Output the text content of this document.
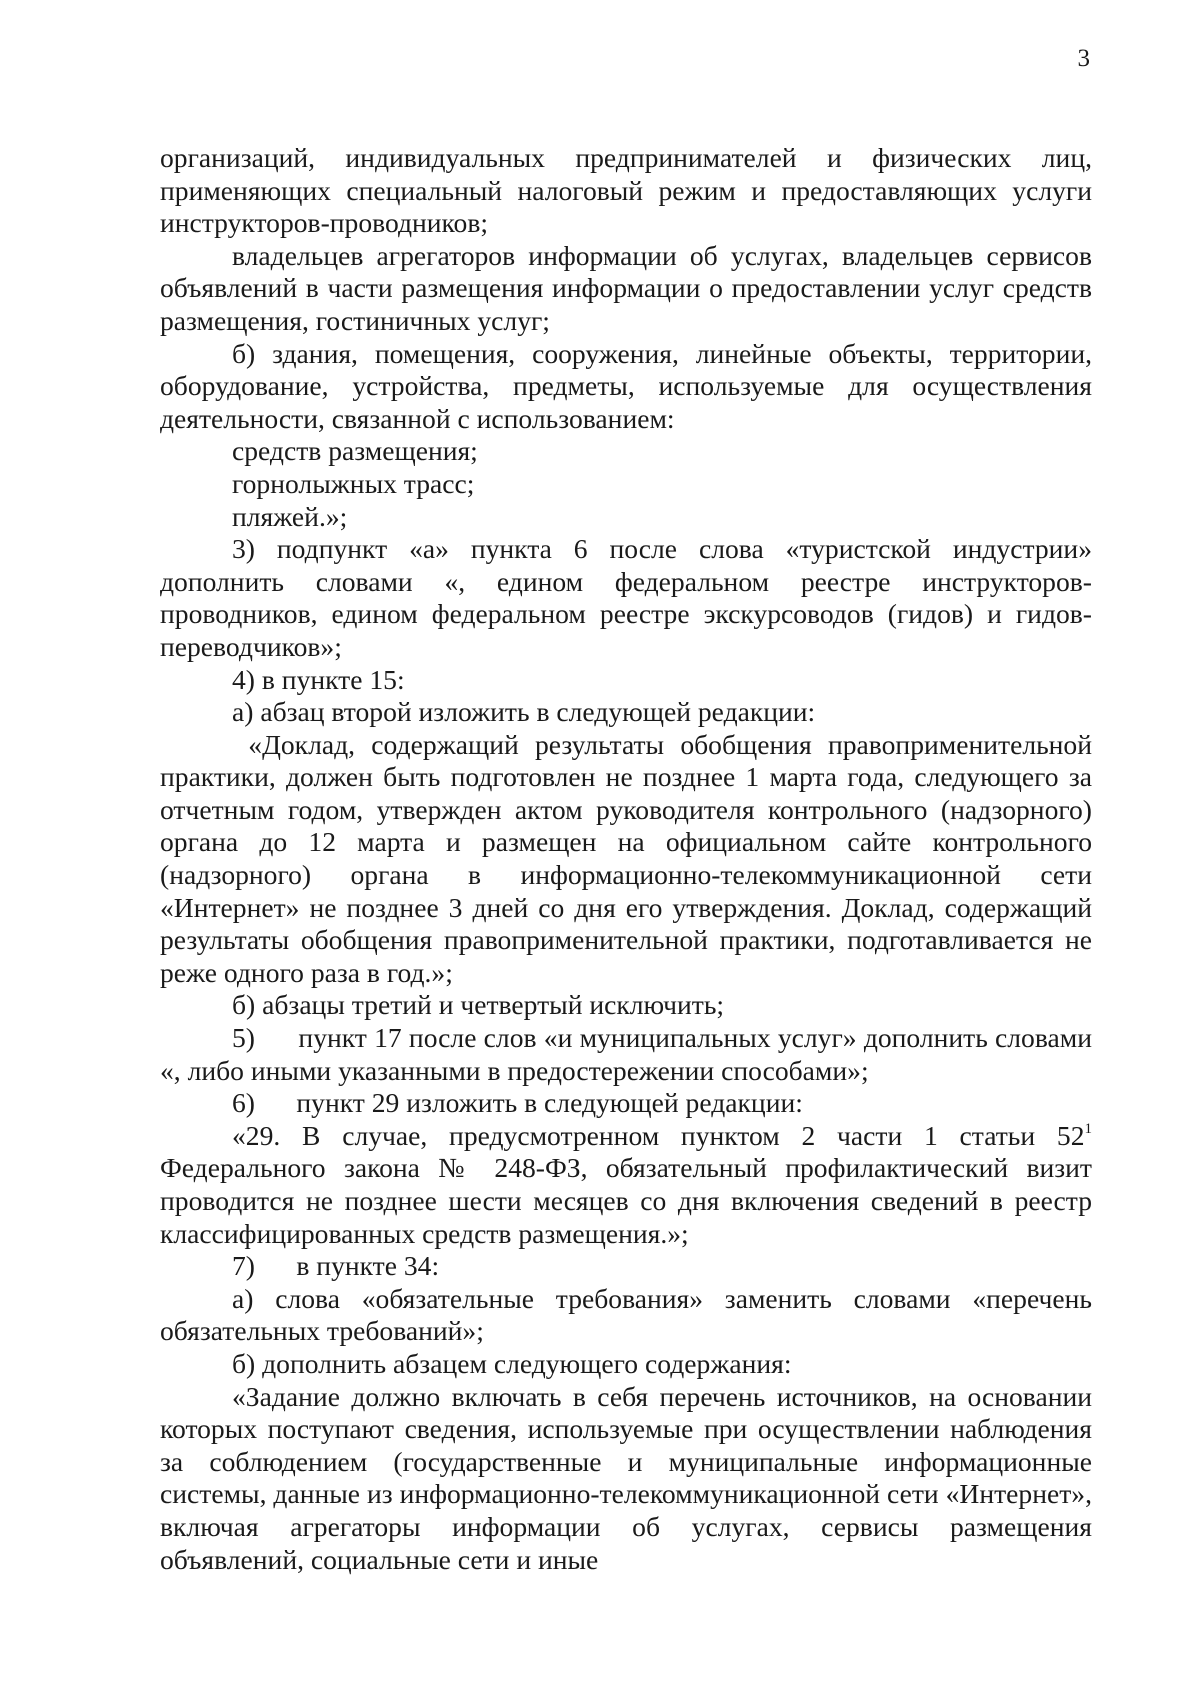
3

организаций, индивидуальных предпринимателей и физических лиц, применяющих специальный налоговый режим и предоставляющих услуги инструкторов-проводников;

владельцев агрегаторов информации об услугах, владельцев сервисов объявлений в части размещения информации о предоставлении услуг средств размещения, гостиничных услуг;

б) здания, помещения, сооружения, линейные объекты, территории, оборудование, устройства, предметы, используемые для осуществления деятельности, связанной с использованием:

средств размещения;

горнолыжных трасс;

пляжей.»;

3) подпункт «а» пункта 6 после слова «туристской индустрии» дополнить словами «, едином федеральном реестре инструкторов-проводников, едином федеральном реестре экскурсоводов (гидов) и гидов-переводчиков»;

4) в пункте 15:

а) абзац второй изложить в следующей редакции:

«Доклад, содержащий результаты обобщения правоприменительной практики, должен быть подготовлен не позднее 1 марта года, следующего за отчетным годом, утвержден актом руководителя контрольного (надзорного) органа до 12 марта и размещен на официальном сайте контрольного (надзорного) органа в информационно-телекоммуникационной сети «Интернет» не позднее 3 дней со дня его утверждения. Доклад, содержащий результаты обобщения правоприменительной практики, подготавливается не реже одного раза в год.»;

б) абзацы третий и четвертый исключить;

5)      пункт 17 после слов «и муниципальных услуг» дополнить словами «, либо иными указанными в предостережении способами»;

6)      пункт 29 изложить в следующей редакции:

«29. В случае, предусмотренном пунктом 2 части 1 статьи $52^1$ Федерального закона № 248-ФЗ, обязательный профилактический визит проводится не позднее шести месяцев со дня включения сведений в реестр классифицированных средств размещения.»;

7)      в пункте 34:

а) слова «обязательные требования» заменить словами «перечень обязательных требований»;

б) дополнить абзацем следующего содержания:

«Задание должно включать в себя перечень источников, на основании которых поступают сведения, используемые при осуществлении наблюдения за соблюдением (государственные и муниципальные информационные системы, данные из информационно-телекоммуникационной сети «Интернет», включая агрегаторы информации об услугах, сервисы размещения объявлений, социальные сети и иные
